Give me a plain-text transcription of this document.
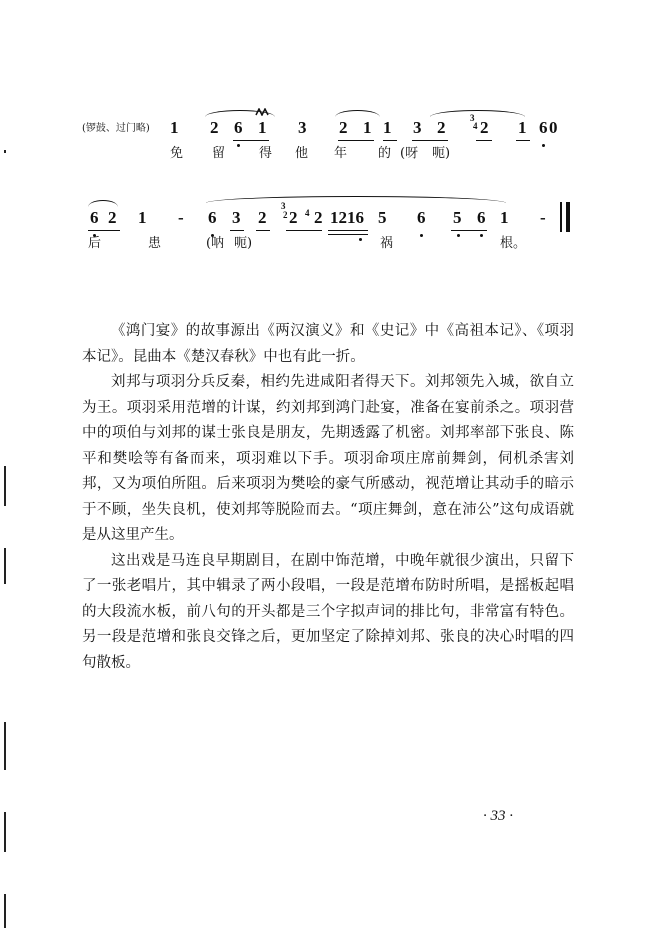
(锣鼓、过门略) 1 2 6 1 3 2 1 1 3 2 2 1 6 0
3
4
免 留	得 他 年 的 (呀 呃)
6 2 1 - 6 3 2 2 2 1216 5 6 5 6 1 -
3
2 4
后	患	(呐 呃)	祸	根。

《鸿门宴》的故事源出《两汉演义》和《史记》中《高祖本记》、《项羽本记》。昆曲本《楚汉春秋》中也有此一折。

刘邦与项羽分兵反秦，相约先进咸阳者得天下。刘邦领先入城，欲自立为王。项羽采用范增的计谋，约刘邦到鸿门赴宴，准备在宴前杀之。项羽营中的项伯与刘邦的谋士张良是朋友，先期透露了机密。刘邦率部下张良、陈平和樊哙等有备而来，项羽难以下手。项羽命项庄席前舞剑，伺机杀害刘邦，又为项伯所阻。后来项羽为樊哙的豪气所感动，视范增让其动手的暗示于不顾，坐失良机，使刘邦等脱险而去。“项庄舞剑，意在沛公”这句成语就是从这里产生。

这出戏是马连良早期剧目，在剧中饰范增，中晚年就很少演出，只留下了一张老唱片，其中辑录了两小段唱，一段是范增布防时所唱，是摇板起唱的大段流水板，前八句的开头都是三个字拟声词的排比句，非常富有特色。另一段是范增和张良交锋之后，更加坚定了除掉刘邦、张良的决心时唱的四句散板。

· 33 ·
